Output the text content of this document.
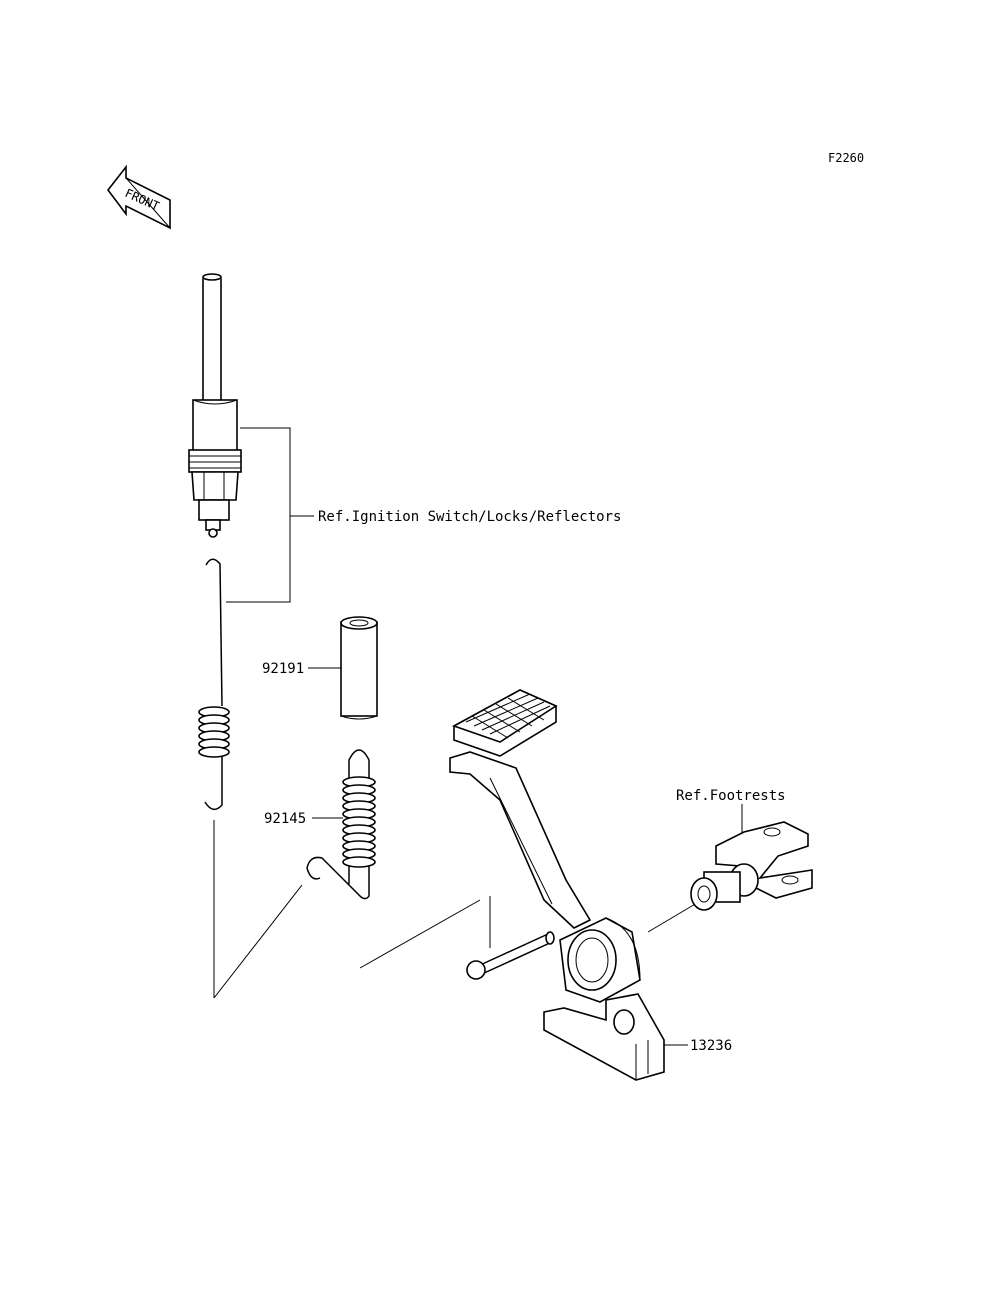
F2260
FRONT
Ref.Ignition Switch/Locks/Reflectors
92191
92145
13236
Ref.Footrests
